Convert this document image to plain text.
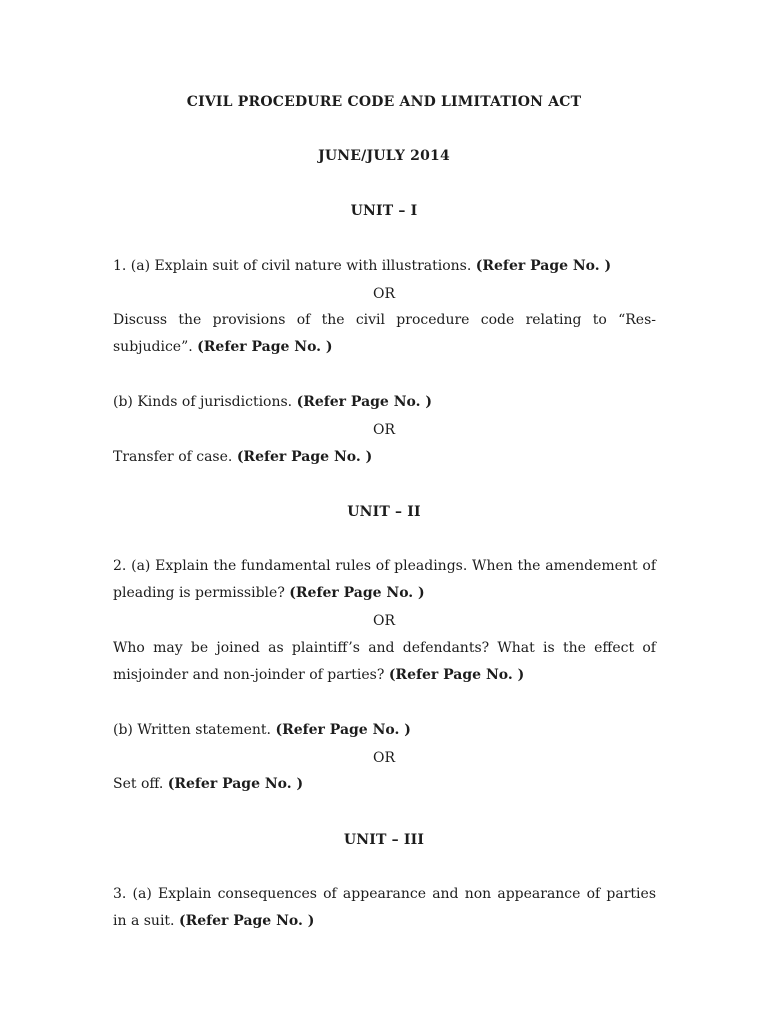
CIVIL PROCEDURE CODE AND LIMITATION ACT
JUNE/JULY 2014
UNIT – I
1. (a) Explain suit of civil nature with illustrations. (Refer Page No. )
OR
Discuss the provisions of the civil procedure code relating to “Res-subjudice”. (Refer Page No. )
(b) Kinds of jurisdictions. (Refer Page No. )
OR
Transfer of case. (Refer Page No. )
UNIT – II
2. (a) Explain the fundamental rules of pleadings. When the amendement of pleading is permissible? (Refer Page No. )
OR
Who may be joined as plaintiff’s and defendants? What is the effect of misjoinder and non-joinder of parties? (Refer Page No. )
(b) Written statement. (Refer Page No. )
OR
Set off. (Refer Page No. )
UNIT – III
3. (a) Explain consequences of appearance and non appearance of parties in a suit. (Refer Page No. )
